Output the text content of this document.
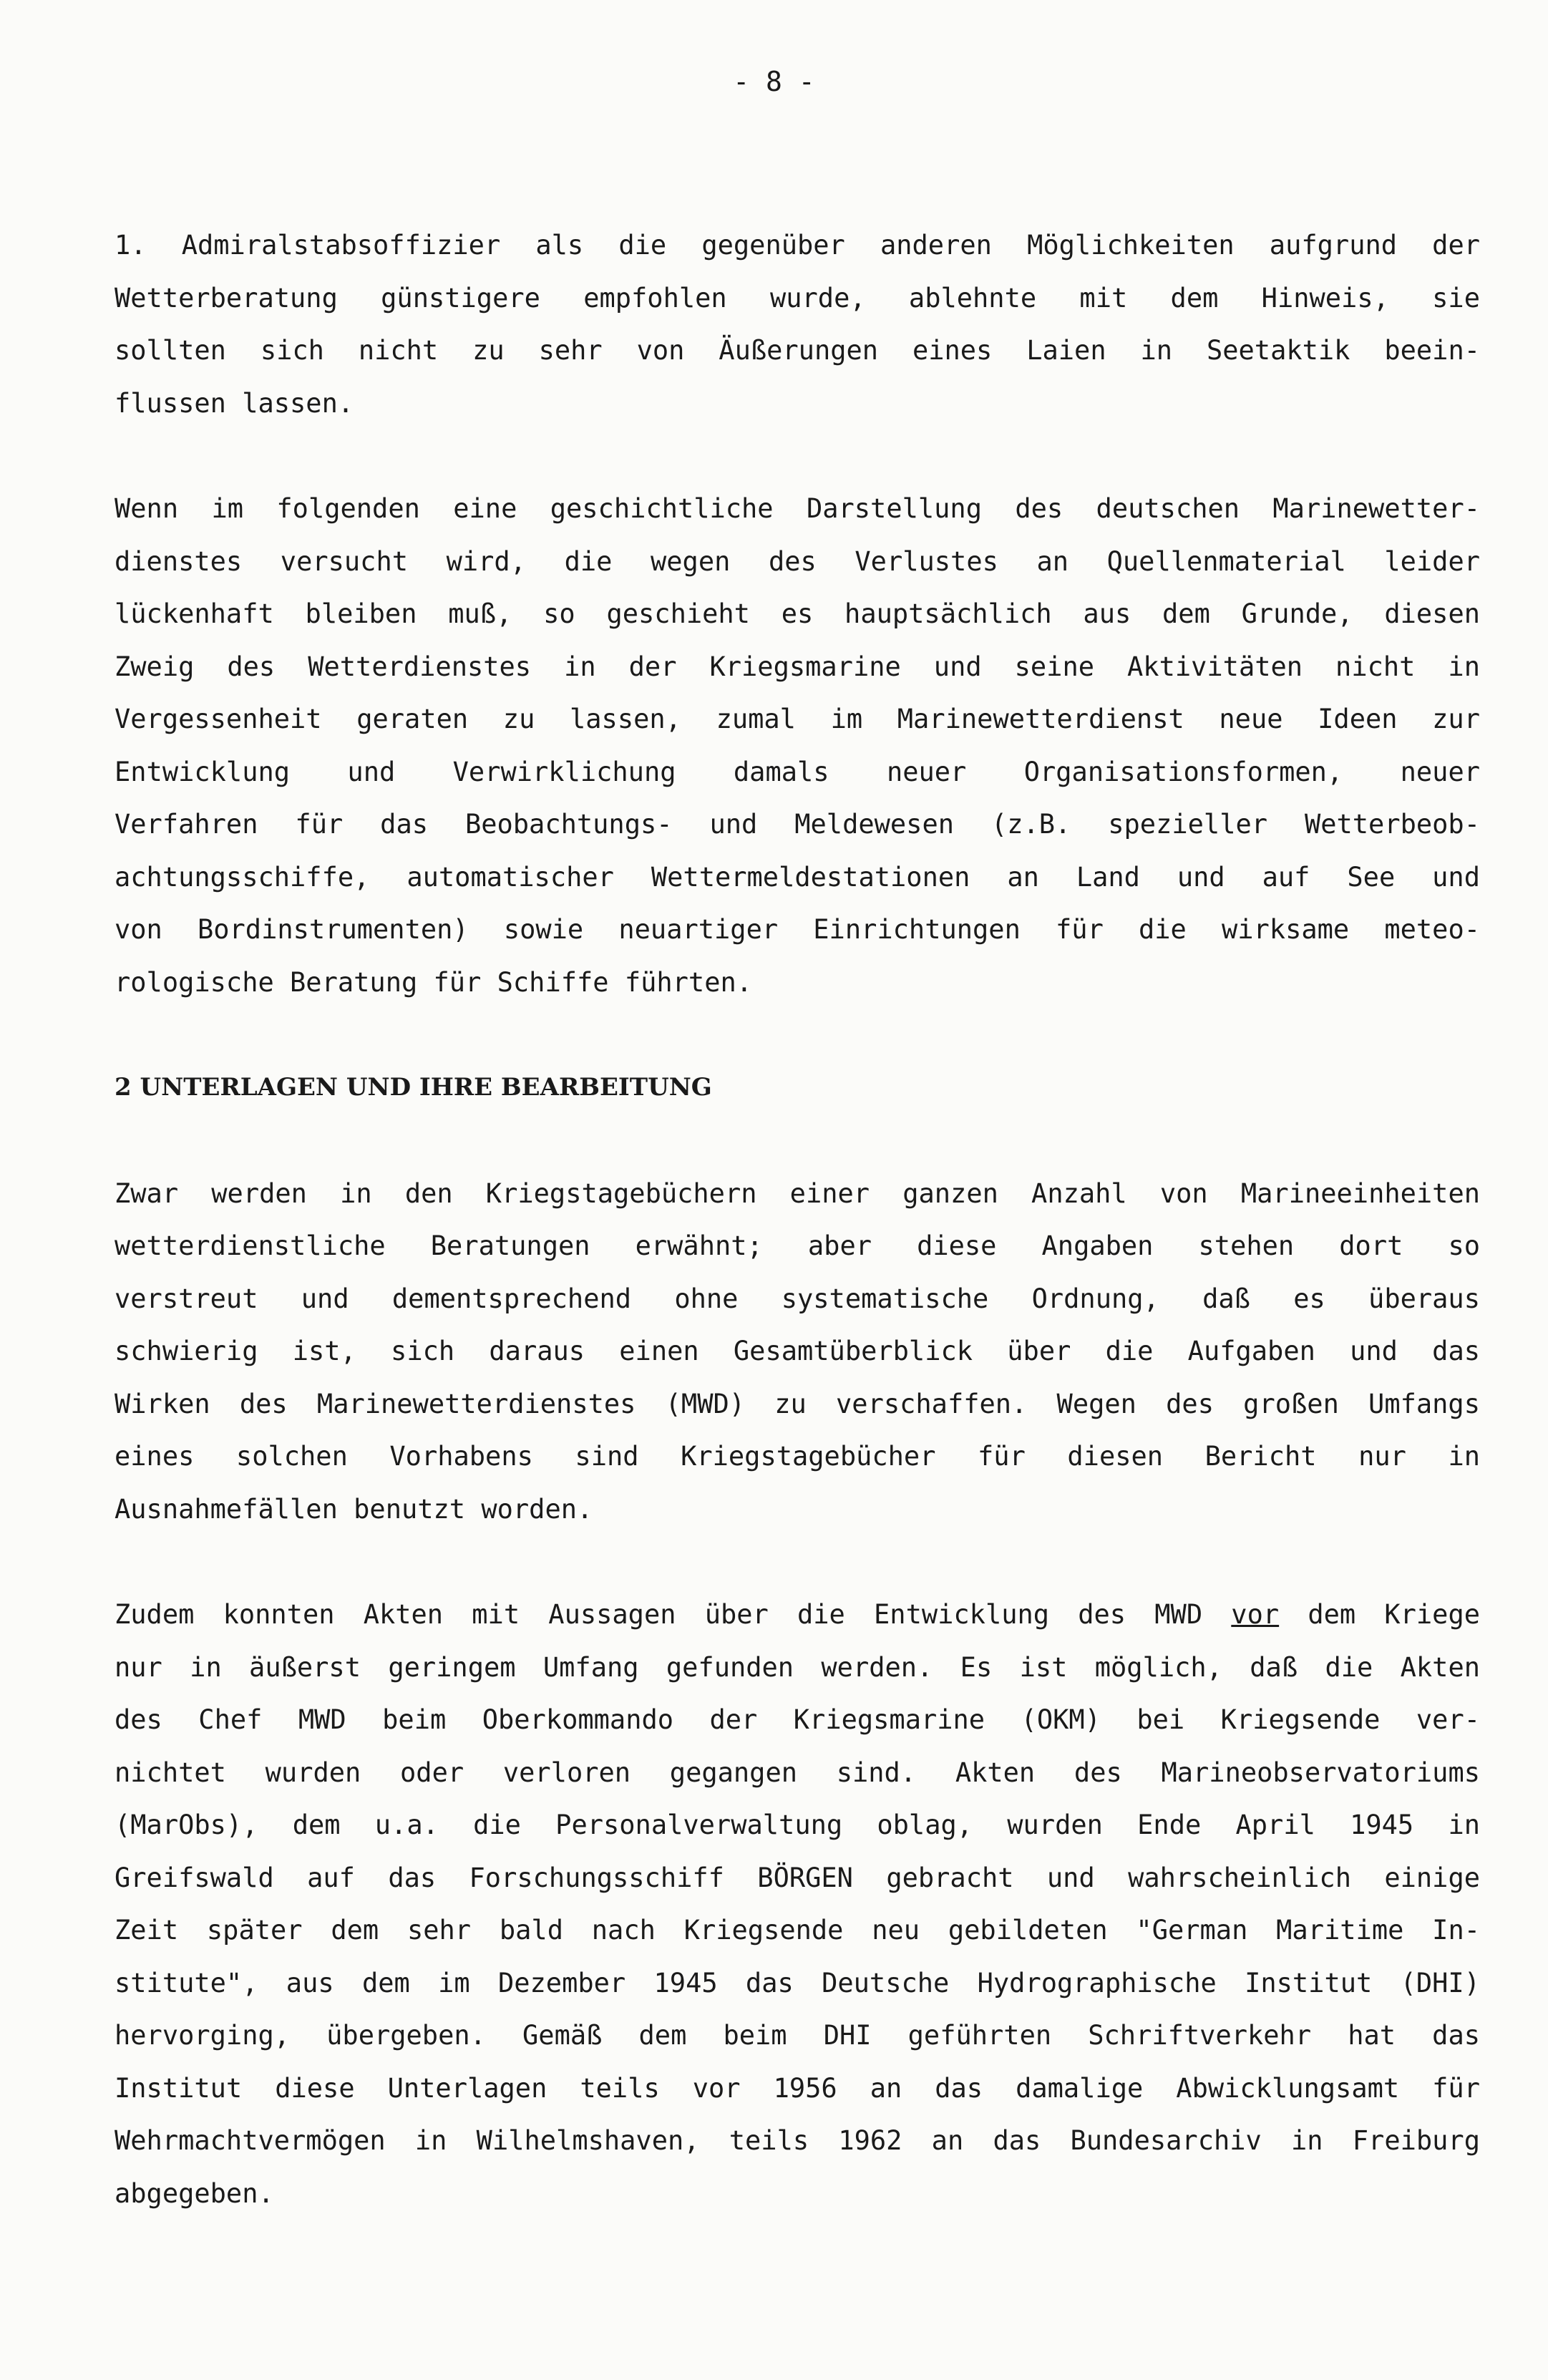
- 8 -
1. Admiralstabsoffizier als die gegenüber anderen Möglichkeiten aufgrund der
Wetterberatung günstigere empfohlen wurde, ablehnte mit dem Hinweis, sie
sollten sich nicht zu sehr von Äußerungen eines Laien in Seetaktik beein-
flussen lassen.
Wenn im folgenden eine geschichtliche Darstellung des deutschen Marinewetter-
dienstes versucht wird, die wegen des Verlustes an Quellenmaterial leider
lückenhaft bleiben muß, so geschieht es hauptsächlich aus dem Grunde, diesen
Zweig des Wetterdienstes in der Kriegsmarine und seine Aktivitäten nicht in
Vergessenheit geraten zu lassen, zumal im Marinewetterdienst neue Ideen zur
Entwicklung und Verwirklichung damals neuer Organisationsformen, neuer
Verfahren für das Beobachtungs- und Meldewesen (z.B. spezieller Wetterbeob-
achtungsschiffe, automatischer Wettermeldestationen an Land und auf See und
von Bordinstrumenten) sowie neuartiger Einrichtungen für die wirksame meteo-
rologische Beratung für Schiffe führten.
2 UNTERLAGEN UND IHRE BEARBEITUNG
Zwar werden in den Kriegstagebüchern einer ganzen Anzahl von Marineeinheiten
wetterdienstliche Beratungen erwähnt; aber diese Angaben stehen dort so
verstreut und dementsprechend ohne systematische Ordnung, daß es überaus
schwierig ist, sich daraus einen Gesamtüberblick über die Aufgaben und das
Wirken des Marinewetterdienstes (MWD) zu verschaffen. Wegen des großen Umfangs
eines solchen Vorhabens sind Kriegstagebücher für diesen Bericht nur in
Ausnahmefällen benutzt worden.
Zudem konnten Akten mit Aussagen über die Entwicklung des MWD vor dem Kriege
nur in äußerst geringem Umfang gefunden werden. Es ist möglich, daß die Akten
des Chef MWD beim Oberkommando der Kriegsmarine (OKM) bei Kriegsende ver-
nichtet wurden oder verloren gegangen sind. Akten des Marineobservatoriums
(MarObs), dem u.a. die Personalverwaltung oblag, wurden Ende April 1945 in
Greifswald auf das Forschungsschiff BÖRGEN gebracht und wahrscheinlich einige
Zeit später dem sehr bald nach Kriegsende neu gebildeten "German Maritime In-
stitute", aus dem im Dezember 1945 das Deutsche Hydrographische Institut (DHI)
hervorging, übergeben. Gemäß dem beim DHI geführten Schriftverkehr hat das
Institut diese Unterlagen teils vor 1956 an das damalige Abwicklungsamt für
Wehrmachtvermögen in Wilhelmshaven, teils 1962 an das Bundesarchiv in Freiburg
abgegeben.
